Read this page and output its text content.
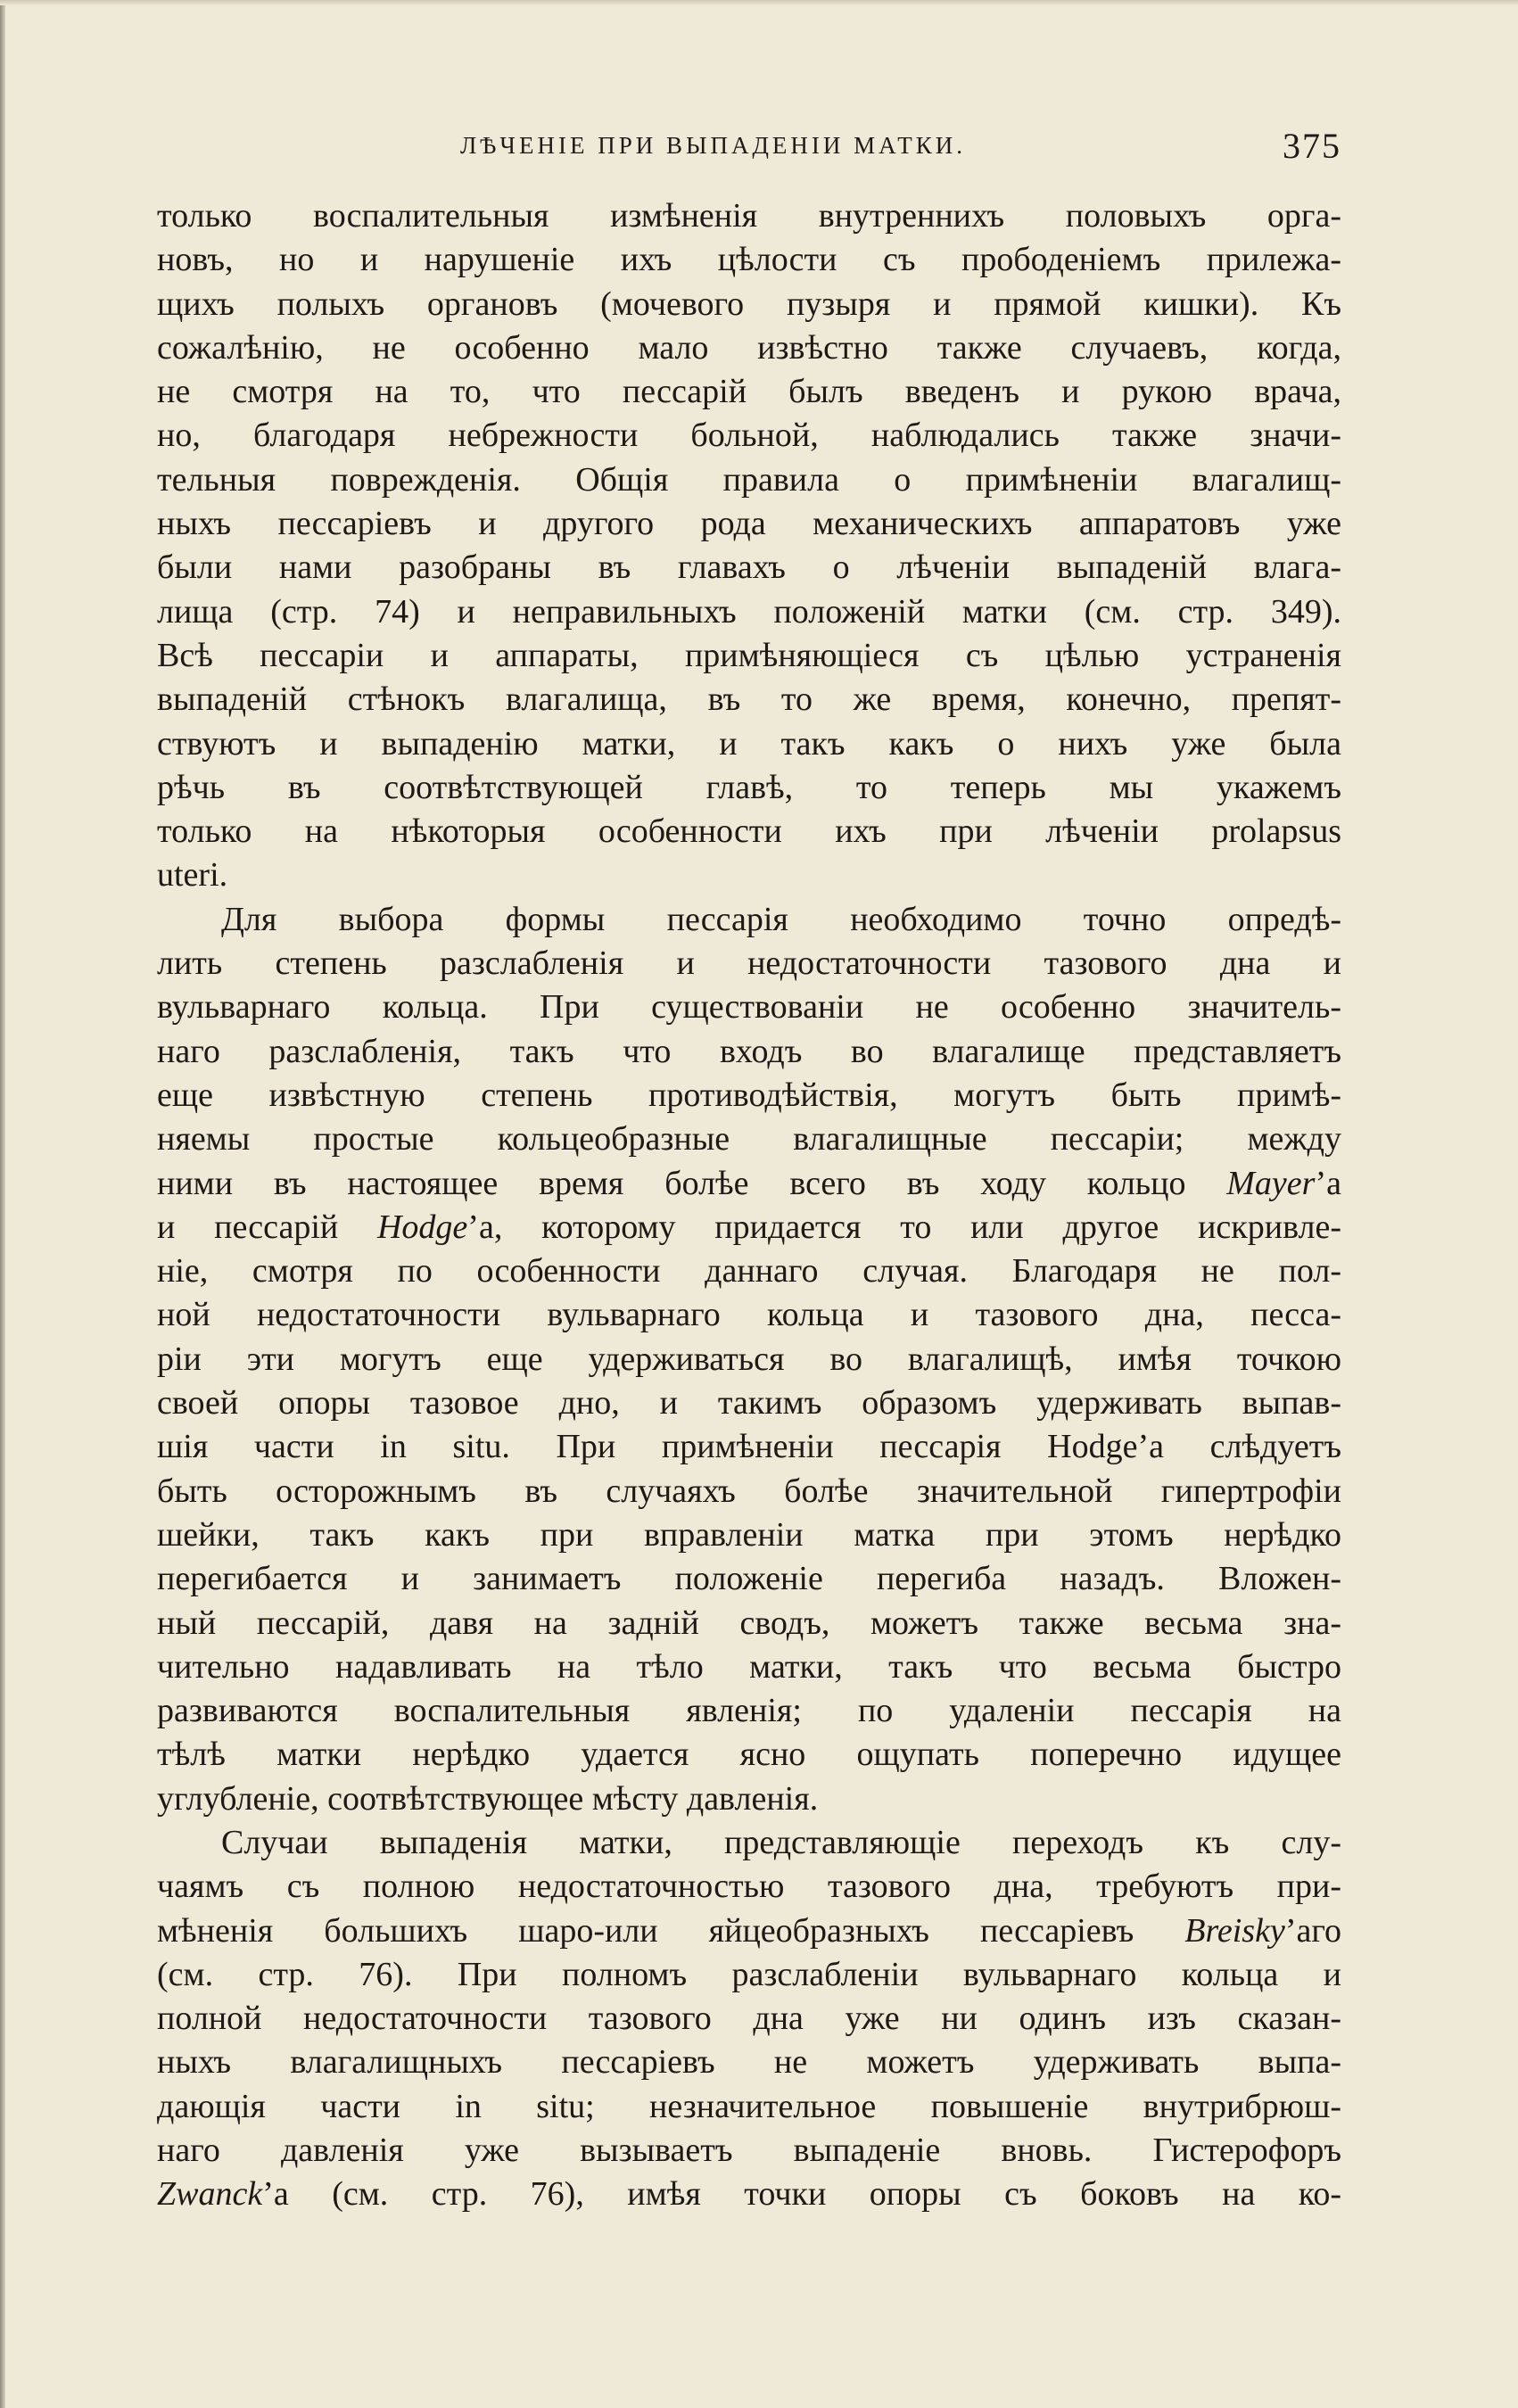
ЛѢЧЕНІЕ ПРИ ВЫПАДЕНІИ МАТКИ.	375
только воспалительныя измѣненія внутреннихъ половыхъ орга-
новъ, но и нарушеніе ихъ цѣлости съ прободеніемъ прилежа-
щихъ полыхъ органовъ (мочевого пузыря и прямой кишки). Къ
сожалѣнію, не особенно мало извѣстно также случаевъ, когда,
не смотря на то, что пессарій былъ введенъ и рукою врача,
но, благодаря небрежности больной, наблюдались также значи-
тельныя поврежденія. Общія правила о примѣненіи влагалищ-
ныхъ пессаріевъ и другого рода механическихъ аппаратовъ уже
были нами разобраны въ главахъ о лѣченіи выпаденій влага-
лища (стр. 74) и неправильныхъ положеній матки (см. стр. 349).
Всѣ пессаріи и аппараты, примѣняющіеся съ цѣлью устраненія
выпаденій стѣнокъ влагалища, въ то же время, конечно, препят-
ствуютъ и выпаденію матки, и такъ какъ о нихъ уже была
рѣчь въ соотвѣтствующей главѣ, то теперь мы укажемъ
только на нѣкоторыя особенности ихъ при лѣченіи prolapsus
uteri.
Для выбора формы пессарія необходимо точно опредѣ-
лить степень разслабленія и недостаточности тазового дна и
вульварнаго кольца. При существованіи не особенно значитель-
наго разслабленія, такъ что входъ во влагалище представляетъ
еще извѣстную степень противодѣйствія, могутъ быть примѣ-
няемы простые кольцеобразные влагалищные пессаріи; между
ними въ настоящее время болѣе всего въ ходу кольцо Mayer’а
и пессарій Hodge’а, которому придается то или другое искривле-
ніе, смотря по особенности даннаго случая. Благодаря не пол-
ной недостаточности вульварнаго кольца и тазового дна, песса-
ріи эти могутъ еще удерживаться во влагалищѣ, имѣя точкою
своей опоры тазовое дно, и такимъ образомъ удерживать выпав-
шія части in situ. При примѣненіи пессарія Hodge’а слѣдуетъ
быть осторожнымъ въ случаяхъ болѣе значительной гипертрофіи
шейки, такъ какъ при вправленіи матка при этомъ нерѣдко
перегибается и занимаетъ положеніе перегиба назадъ. Вложен-
ный пессарій, давя на задній сводъ, можетъ также весьма зна-
чительно надавливать на тѣло матки, такъ что весьма быстро
развиваются воспалительныя явленія; по удаленіи пессарія на
тѣлѣ матки нерѣдко удается ясно ощупать поперечно идущее
углубленіе, соотвѣтствующее мѣсту давленія.
Случаи выпаденія матки, представляющіе переходъ къ слу-
чаямъ съ полною недостаточностью тазового дна, требуютъ при-
мѣненія большихъ шаро-или яйцеобразныхъ пессаріевъ Breisky’аго
(см. стр. 76). При полномъ разслабленіи вульварнаго кольца и
полной недостаточности тазового дна уже ни одинъ изъ сказан-
ныхъ влагалищныхъ пессаріевъ не можетъ удерживать выпа-
дающія части in situ; незначительное повышеніе внутрибрюш-
наго давленія уже вызываетъ выпаденіе вновь. Гистерофоръ
Zwanck’а (см. стр. 76), имѣя точки опоры съ боковъ на ко-
